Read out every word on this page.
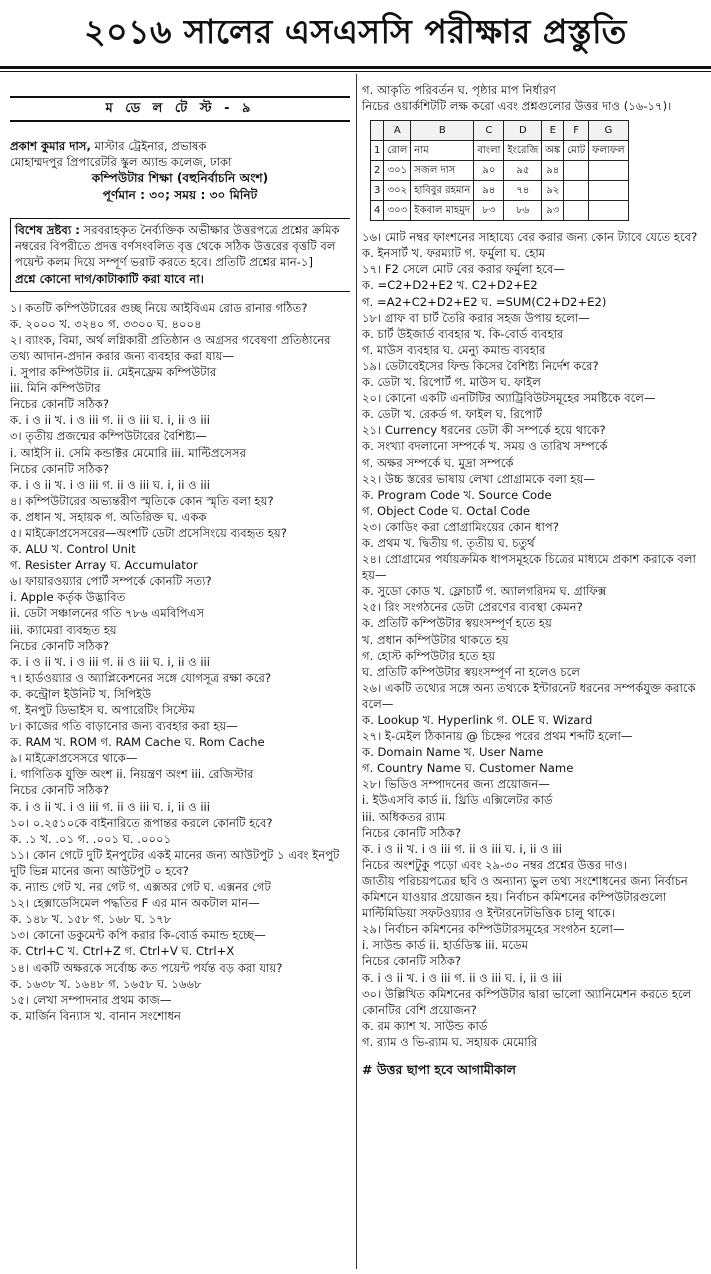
২০১৬ সালের এসএসসি পরীক্ষার প্রস্তুতি
ম ডে ল টে স্ট - ৯

প্রকাশ কুমার দাস, মাস্টার ট্রেইনার, প্রভাষক
মোহাম্মদপুর প্রিপারেটরি স্কুল অ্যান্ড কলেজ, ঢাকা

কম্পিউটার শিক্ষা (বহুনির্বাচনি অংশ)
পূর্ণমান : ৩০; সময় : ৩০ মিনিট
বিশেষ দ্রষ্টব্য : সরবরাহকৃত নৈর্ব্যক্তিক অভীক্ষার উত্তরপত্রে প্রশ্নের ক্রমিক নম্বরের বিপরীতে প্রদত্ত বর্ণসংবলিত বৃত্ত থেকে সঠিক উত্তরের বৃত্তটি বল পয়েন্ট কলম দিয়ে সম্পূর্ণ ভরাট করতে হবে। প্রতিটি প্রশ্নের মান-১]
প্রশ্নে কোনো দাগ/কাটাকাটি করা যাবে না।

১। কতটি কম্পিউটারের গুচ্ছ নিয়ে আইবিএম রোড রানার গঠিত?

ক. ২০০০ খ. ৩২৪০ গ. ৩৩০০ ঘ. ৪০০৪

২। ব্যাংক, বিমা, অর্থ লগ্নিকারী প্রতিষ্ঠান ও অগ্রসর গবেষণা প্রতিষ্ঠানের তথ্য আদান-প্রদান করার জন্য ব্যবহার করা যায়—

i. সুপার কম্পিউটার ii. মেইনফ্রেম কম্পিউটার

iii. মিনি কম্পিউটার

নিচের কোনটি সঠিক?

ক. i ও ii খ. i ও iii গ. ii ও iii ঘ. i, ii ও iii

৩। তৃতীয় প্রজন্মের কম্পিউটারের বৈশিষ্ট্য—

i. আইসি ii. সেমি কন্ডাক্টর মেমোরি iii. মাল্টিপ্রসেসর

নিচের কোনটি সঠিক?

ক. i ও ii খ. i ও iii গ. ii ও iii ঘ. i, ii ও iii

৪। কম্পিউটারের অভ্যন্তরীণ স্মৃতিকে কোন স্মৃতি বলা হয়?

ক. প্রধান খ. সহায়ক গ. অতিরিক্ত ঘ. একক

৫। মাইক্রোপ্রসেসরের—অংশটি ডেটা প্রসেসিংয়ে ব্যবহৃত হয়?

ক. ALU খ. Control Unit

গ. Resister Array ঘ. Accumulator

৬। ফায়ারওয়্যার পোর্ট সম্পর্কে কোনটি সত্য?

i. Apple কর্তৃক উদ্ভাবিত

ii. ডেটা সঞ্চালনের গতি ৭৮৬ এমবিপিএস

iii. ক্যামেরা ব্যবহৃত হয়

নিচের কোনটি সঠিক?

ক. i ও ii খ. i ও iii গ. ii ও iii ঘ. i, ii ও iii

৭। হার্ডওয়্যার ও অ্যাপ্লিকেশনের সঙ্গে যোগসূত্র রক্ষা করে?

ক. কন্ট্রোল ইউনিট খ. সিপিইউ

গ. ইনপুট ডিভাইস ঘ. অপারেটিং সিস্টেম

৮। কাজের গতি বাড়ানোর জন্য ব্যবহার করা হয়—

ক. RAM খ. ROM গ. RAM Cache ঘ. Rom Cache

৯। মাইক্রোপ্রসেসরে থাকে—

i. গাণিতিক যুক্তি অংশ ii. নিয়ন্ত্রণ অংশ iii. রেজিস্টার

নিচের কোনটি সঠিক?

ক. i ও ii খ. i ও iii গ. ii ও iii ঘ. i, ii ও iii

১০। ০.২৫১০কে বাইনারিতে রূপান্তর করলে কোনটি হবে?

ক. .১ খ. .০১ গ. .০০১ ঘ. .০০০১

১১। কোন গেটে দুটি ইনপুটের একই মানের জন্য আউটপুট ১ এবং ইনপুট দুটি ভিন্ন মানের জন্য আউটপুট ০ হবে?

ক. ন্যান্ড গেট খ. নর গেট গ. এক্সঅর গেট ঘ. এক্সনর গেট

১২। হেক্সাডেসিমেল পদ্ধতির F এর মান অকটাল মান—

ক. ১৪৮ খ. ১৫৮ গ. ১৬৮ ঘ. ১৭৮

১৩। কোনো ডকুমেন্ট কপি করার কি-বোর্ড কমান্ড হচ্ছে—

ক. Ctrl+C খ. Ctrl+Z গ. Ctrl+V ঘ. Ctrl+X

১৪। একটি অক্ষরকে সর্বোচ্চ কত পয়েন্ট পর্যন্ত বড় করা যায়?

ক. ১৬৩৮ খ. ১৬৪৮ গ. ১৬৫৮ ঘ. ১৬৬৮

১৫। লেখা সম্পাদনার প্রথম কাজ—

ক. মার্জিন বিন্যাস খ. বানান সংশোধন

গ. আকৃতি পরিবর্তন ঘ. পৃষ্ঠার মাপ নির্ধারণ

নিচের ওয়ার্কশিটটি লক্ষ করো এবং প্রশ্নগুলোর উত্তর দাও (১৬-১৭)।

	A	B	C	D	E	F	G
1	রোল	নাম	বাংলা	ইংরেজি	অঙ্ক	মোট	ফলাফল
2	৩০১	সজল দাস	৯০	৯৫	৯৪		
3	৩০২	হাবিবুর রহমান	৯৪	৭৪	৯২		
4	৩০৩	ইকবাল মাহমুদ	৮৩	৮৬	৯৩		

১৬। মোট নম্বর ফাংশনের সাহায্যে বের করার জন্য কোন ট্যাবে যেতে হবে?

ক. ইনসার্ট খ. ফরম্যাট গ. ফর্মুলা ঘ. হোম

১৭। F2 সেলে মোট বের করার ফর্মুলা হবে—

ক. =C2+D2+E2 খ. C2+D2+E2

গ. =A2+C2+D2+E2 ঘ. =SUM(C2+D2+E2)

১৮। গ্রাফ বা চার্ট তৈরি করার সহজ উপায় হলো—

ক. চার্ট উইজার্ড ব্যবহার খ. কি-বোর্ড ব্যবহার

গ. মাউস ব্যবহার ঘ. মেন্যু কমান্ড ব্যবহার

১৯। ডেটাবেইসের ফিল্ড কিসের বৈশিষ্ট্য নির্দেশ করে?

ক. ডেটা খ. রিপোর্ট গ. মাউস ঘ. ফাইল

২০। কোনো একটি এনটিটির অ্যাট্রিবিউটসমূহের সমষ্টিকে বলে—

ক. ডেটা খ. রেকর্ড গ. ফাইল ঘ. রিপোর্ট

২১। Currency ধরনের ডেটা কী সম্পর্কে হয়ে থাকে?

ক. সংখ্যা বদলানো সম্পর্কে খ. সময় ও তারিখ সম্পর্কে

গ. অক্ষর সম্পর্কে ঘ. মুদ্রা সম্পর্কে

২২। উচ্চ স্তরের ভাষায় লেখা প্রোগ্রামকে বলা হয়—

ক. Program Code খ. Source Code

গ. Object Code ঘ. Octal Code

২৩। কোডিং করা প্রোগ্রামিংয়ের কোন ধাপ?

ক. প্রথম খ. দ্বিতীয় গ. তৃতীয় ঘ. চতুর্থ

২৪। প্রোগ্রামের পর্যায়ক্রমিক ধাপসমূহকে চিত্রের মাধ্যমে প্রকাশ করাকে বলা হয়—

ক. সুডো কোড খ. ফ্লোচার্ট গ. অ্যালগরিদম ঘ. গ্রাফিক্স

২৫। রিং সংগঠনের ডেটা প্রেরণের ব্যবস্থা কেমন?

ক. প্রতিটি কম্পিউটার স্বয়ংসম্পূর্ণ হতে হয়

খ. প্রধান কম্পিউটার থাকতে হয়

গ. হোস্ট কম্পিউটার হতে হয়

ঘ. প্রতিটি কম্পিউটার স্বয়ংসম্পূর্ণ না হলেও চলে

২৬। একটি তথ্যের সঙ্গে অন্য তথ্যকে ইন্টারনেট ধরনের সম্পর্কযুক্ত করাকে বলে—

ক. Lookup খ. Hyperlink গ. OLE ঘ. Wizard

২৭। ই-মেইল ঠিকানায় @ চিহ্নের পরের প্রথম শব্দটি হলো—

ক. Domain Name খ. User Name

গ. Country Name ঘ. Customer Name

২৮। ভিডিও সম্পাদনের জন্য প্রয়োজন—

i. ইউএসবি কার্ড ii. থ্রিডি এক্সিলেটর কার্ড

iii. অধিকতর র‍্যাম

নিচের কোনটি সঠিক?

ক. i ও ii খ. i ও iii গ. ii ও iii ঘ. i, ii ও iii

নিচের অংশটুকু পড়ো এবং ২৯-৩০ নম্বর প্রশ্নের উত্তর দাও।

জাতীয় পরিচয়পত্রের ছবি ও অন্যান্য ভুল তথ্য সংশোধনের জন্য নির্বাচন কমিশনে যাওয়ার প্রয়োজন হয়। নির্বাচন কমিশনের কম্পিউটারগুলো মাল্টিমিডিয়া সফটওয়্যার ও ইন্টারনেটভিত্তিক চালু থাকে।

২৯। নির্বাচন কমিশনের কম্পিউটারসমূহের সংগঠন হলো—

i. সাউন্ড কার্ড ii. হার্ডডিস্ক iii. মডেম

নিচের কোনটি সঠিক?

ক. i ও ii খ. i ও iii গ. ii ও iii ঘ. i, ii ও iii

৩০। উল্লিখিত কমিশনের কম্পিউটার দ্বারা ভালো অ্যানিমেশন করতে হলে কোনটির বেশি প্রয়োজন?

ক. রম ক্যাশ খ. সাউন্ড কার্ড

গ. র‍্যাম ও ভি-র‍্যাম ঘ. সহায়ক মেমোরি

# উত্তর ছাপা হবে আগামীকাল
